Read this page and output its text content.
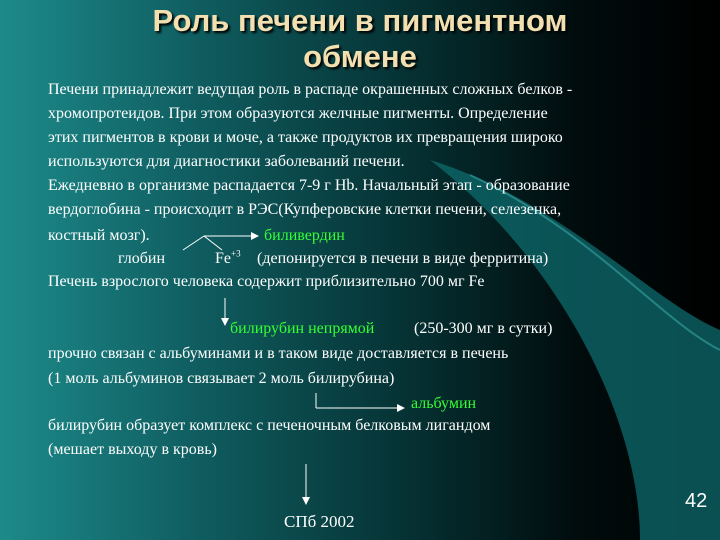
Роль печени в пигментном
обмене
Печени принадлежит ведущая роль в распаде окрашенных сложных белков -
хромопротеидов. При этом образуются желчные пигменты. Определение
этих пигментов в крови и моче, а также продуктов их превращения широко
используются для диагностики заболеваний печени.
Ежедневно в организме распадается 7-9 г Hb. Начальный этап - образование
вердоглобина - происходит в РЭС(Купферовские клетки печени, селезенка,
костный мозг).	биливердин
глобин	$Fe^{+3}$ (депонируется в печени в виде ферритина)
Печень взрослого человека содержит приблизительно 700 мг Fe
билирубин непрямой (250-300 мг в сутки)
прочно связан с альбуминами и в таком виде доставляется в печень
(1 моль альбуминов связывает 2 моль билирубина)
альбумин
билирубин образует комплекс с печеночным белковым лигандом
(мешает выходу в кровь)
42
СПб 2002
